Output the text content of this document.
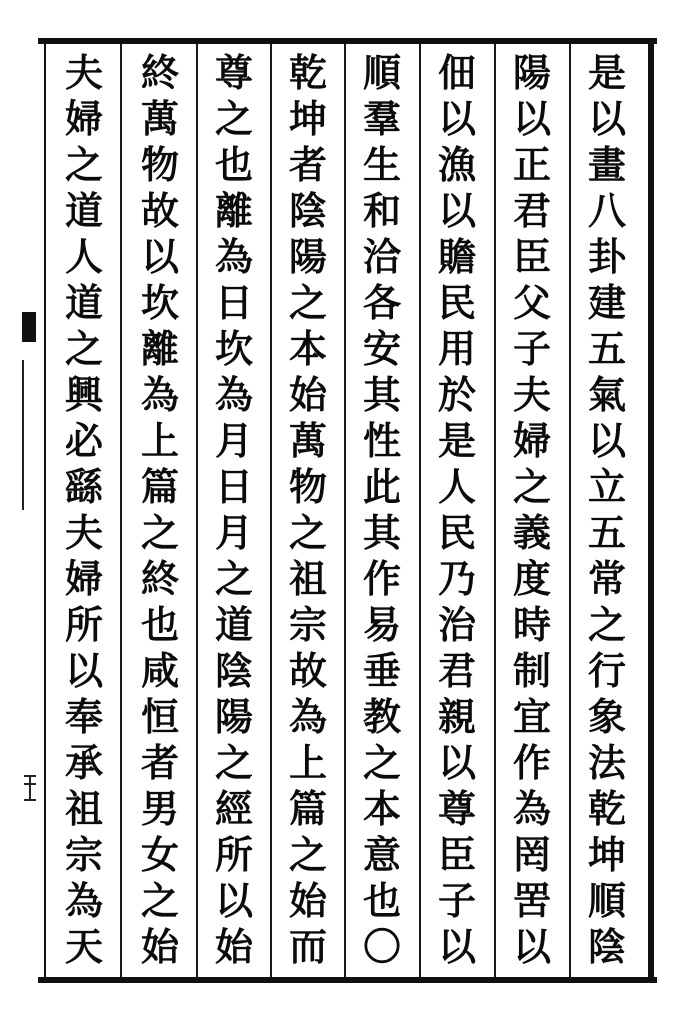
是
以
畫
八
卦
建
五
氣
以
立
五
常
之
行
象
法
乾
坤
順
陰
陽
以
正
君
臣
父
子
夫
婦
之
義
度
時
制
宜
作
為
罔
罟
以
佃
以
漁
以
贍
民
用
於
是
人
民
乃
治
君
親
以
尊
臣
子
以
順
羣
生
和
洽
各
安
其
性
此
其
作
易
垂
教
之
本
意
也
〇
乾
坤
者
陰
陽
之
本
始
萬
物
之
祖
宗
故
為
上
篇
之
始
而
尊
之
也
離
為
日
坎
為
月
日
月
之
道
陰
陽
之
經
所
以
始
終
萬
物
故
以
坎
離
為
上
篇
之
終
也
咸
恒
者
男
女
之
始
夫
婦
之
道
人
道
之
興
必
繇
夫
婦
所
以
奉
承
祖
宗
為
天
